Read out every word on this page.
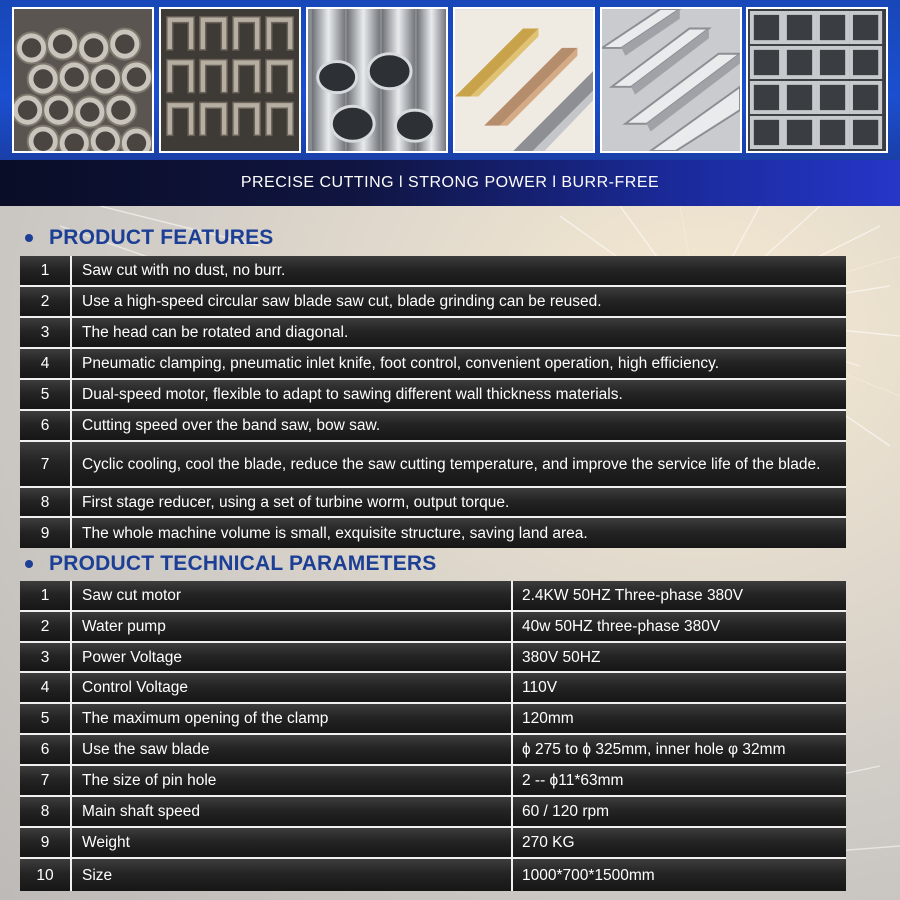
PRECISE CUTTING l STRONG POWER l BURR-FREE
PRODUCT FEATURES
1	Saw cut with no dust, no burr.
2	Use a high-speed circular saw blade saw cut, blade grinding can be reused.
3	The head can be rotated and diagonal.
4	Pneumatic clamping, pneumatic inlet knife, foot control, convenient operation, high efficiency.
5	Dual-speed motor, flexible to adapt to sawing different wall thickness materials.
6	Cutting speed over the band saw, bow saw.
7	Cyclic cooling, cool the blade, reduce the saw cutting temperature, and improve the service life of the blade.
8	First stage reducer, using a set of turbine worm, output torque.
9	The whole machine volume is small, exquisite structure, saving land area.
PRODUCT TECHNICAL PARAMETERS
1	Saw cut motor	2.4KW 50HZ Three-phase 380V
2	Water pump	40w 50HZ three-phase 380V
3	Power Voltage	380V 50HZ
4	Control Voltage	110V
5	The maximum opening of the clamp	120mm
6	Use the saw blade	ϕ 275 to ϕ 325mm, inner hole φ 32mm
7	The size of pin hole	2 -- ϕ11*63mm
8	Main shaft speed	60 / 120 rpm
9	Weight	270 KG
10	Size	1000*700*1500mm
